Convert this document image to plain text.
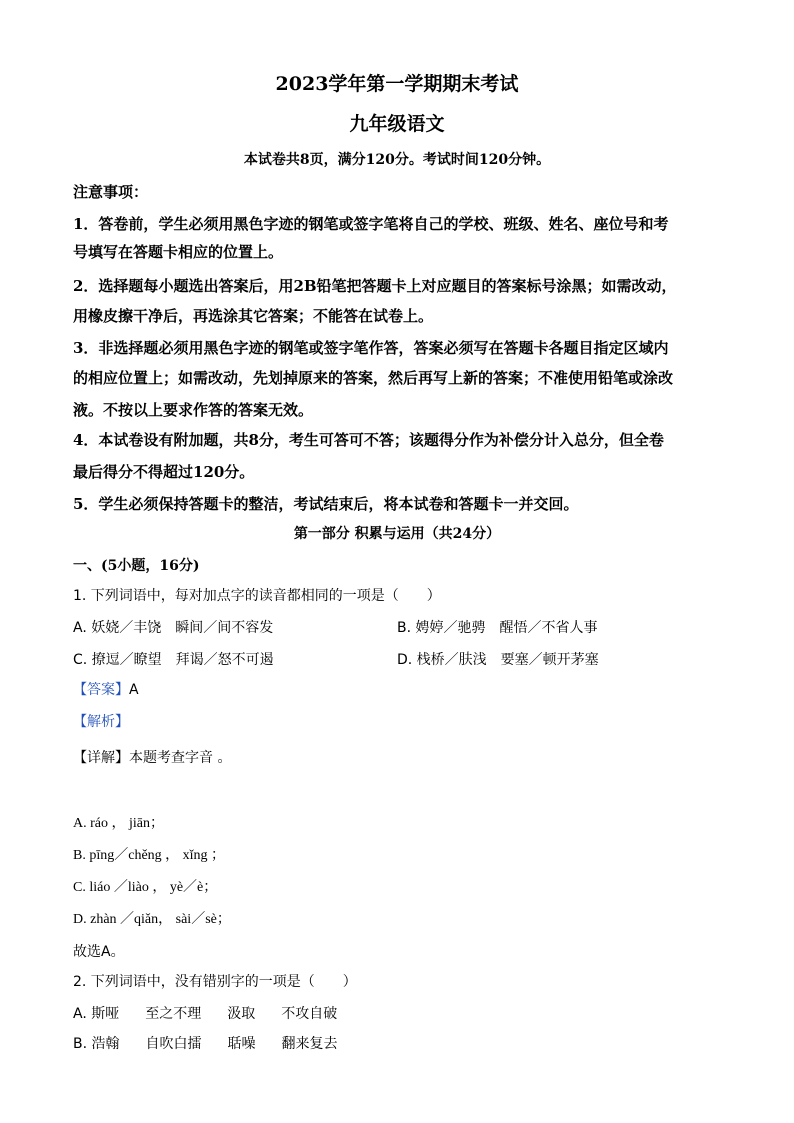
2023学年第一学期期末考试
九年级语文
本试卷共8页，满分120分。考试时间120分钟。
注意事项：
1．答卷前，学生必须用黑色字迹的钢笔或签字笔将自己的学校、班级、姓名、座位号和考
号填写在答题卡相应的位置上。
2．选择题每小题选出答案后，用2B铅笔把答题卡上对应题目的答案标号涂黑；如需改动，
用橡皮擦干净后，再选涂其它答案；不能答在试卷上。
3．非选择题必须用黑色字迹的钢笔或签字笔作答，答案必须写在答题卡各题目指定区域内
的相应位置上；如需改动，先划掉原来的答案，然后再写上新的答案；不准使用铅笔或涂改
液。不按以上要求作答的答案无效。
4．本试卷设有附加题，共8分，考生可答可不答；该题得分作为补偿分计入总分，但全卷
最后得分不得超过120分。
5．学生必须保持答题卡的整洁，考试结束后，将本试卷和答题卡一并交回。
第一部分 积累与运用（共24分）
一、(5小题，16分)
1. 下列词语中，每对加点字的读音都相同的一项是（　　）
A. 妖娆／丰饶　瞬间／间不容发	B. 娉婷／驰骋　醒悟／不省人事
C. 撩逗／瞭望　拜谒／怒不可遏	D. 栈桥／肤浅　要塞／顿开茅塞
【答案】A
【解析】
【详解】本题考查字音 。
A. ráo ， jiān；
B. pīng／chěng ， xǐng ；
C. liáo ／liào ， yè／è；
D. zhàn ／qiǎn， sài／sè；
故选A。
2. 下列词语中，没有错别字的一项是（　　）
A. 斯哑 至之不理 汲取 不攻自破
B. 浩翰 自吹白擂 聒噪 翻来复去
